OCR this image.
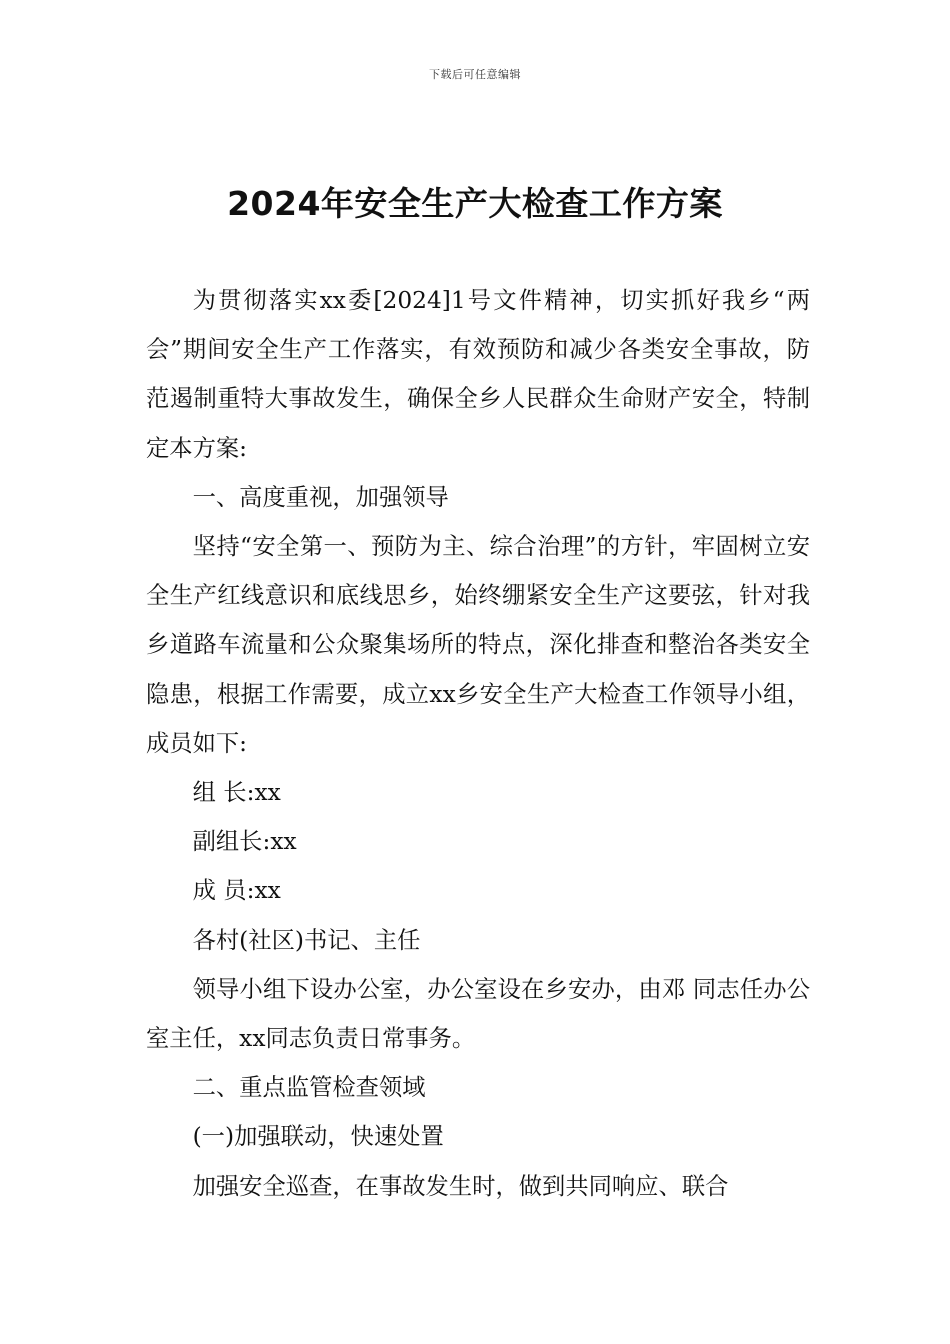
下载后可任意编辑
2024年安全生产大检查工作方案

为贯彻落实xx委[2024]1号文件精神，切实抓好我乡“两会”期间安全生产工作落实，有效预防和减少各类安全事故，防范遏制重特大事故发生，确保全乡人民群众生命财产安全，特制定本方案:

一、高度重视，加强领导

坚持“安全第一、预防为主、综合治理”的方针，牢固树立安全生产红线意识和底线思乡，始终绷紧安全生产这要弦，针对我乡道路车流量和公众聚集场所的特点，深化排查和整治各类安全隐患，根据工作需要，成立xx乡安全生产大检查工作领导小组，成员如下:

组 长:xx

副组长:xx

成 员:xx

各村(社区)书记、主任

领导小组下设办公室，办公室设在乡安办，由邓 同志任办公室主任，xx同志负责日常事务。

二、重点监管检查领域

(一)加强联动，快速处置

加强安全巡查，在事故发生时，做到共同响应、联合
